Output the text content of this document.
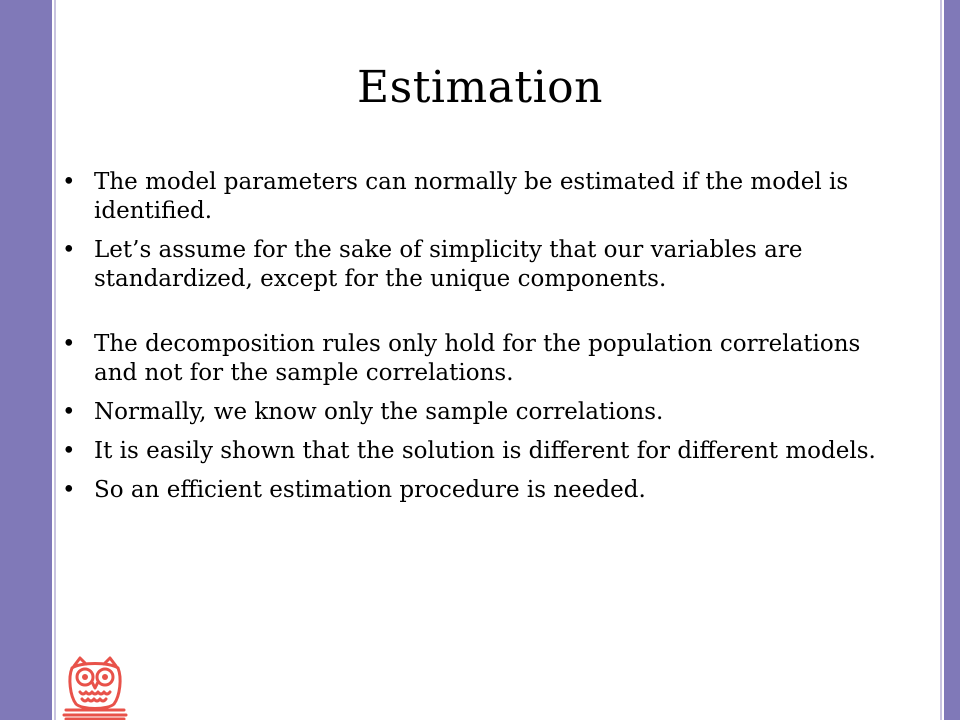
Estimation
• The model parameters can normally be estimated if the model is identified.
• Let’s assume for the sake of simplicity that our variables are standardized, except for the unique components.
• The decomposition rules only hold for the population correlations and not for the sample correlations.
• Normally, we know only the sample correlations.
• It is easily shown that the solution is different for different models.
• So an efficient estimation procedure is needed.
